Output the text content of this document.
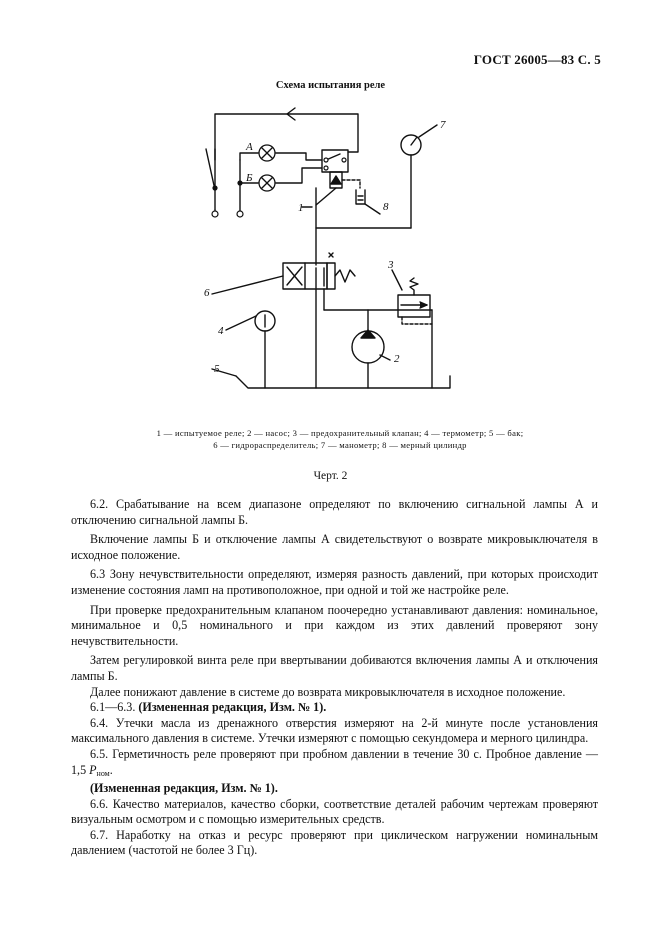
ГОСТ 26005—83 С. 5
Схема испытания реле
А
Б
1
2
3
4
5
6
7
8
1 — испытуемое реле; 2 — насос; 3 — предохранительный клапан; 4 — термометр; 5 — бак;
6 — гидрораспределитель; 7 — манометр; 8 — мерный цилиндр
Черт. 2

6.2. Срабатывание на всем диапазоне определяют по включению сигнальной лампы А и отключению сигнальной лампы Б.

Включение лампы Б и отключение лампы А свидетельствуют о возврате микровыключателя в исходное положение.

6.3 Зону нечувствительности определяют, измеряя разность давлений, при которых происходит изменение состояния ламп на противоположное, при одной и той же настройке реле.

При проверке предохранительным клапаном поочередно устанавливают давления: номинальное, минимальное и 0,5 номинального и при каждом из этих давлений проверяют зону нечувствительности.

Затем регулировкой винта реле при ввертывании добиваются включения лампы А и отключения лампы Б.

Далее понижают давление в системе до возврата микровыключателя в исходное положение.

6.1—6.3. (Измененная редакция, Изм. № 1).

6.4. Утечки масла из дренажного отверстия измеряют на 2-й минуте после установления максимального давления в системе. Утечки измеряют с помощью секундомера и мерного цилиндра.

6.5. Герметичность реле проверяют при пробном давлении в течение 30 с. Пробное давление — 1,5 $P_{ном}$.

(Измененная редакция, Изм. № 1).

6.6. Качество материалов, качество сборки, соответствие деталей рабочим чертежам проверяют визуальным осмотром и с помощью измерительных средств.

6.7. Наработку на отказ и ресурс проверяют при циклическом нагружении номинальным давлением (частотой не более 3 Гц).
